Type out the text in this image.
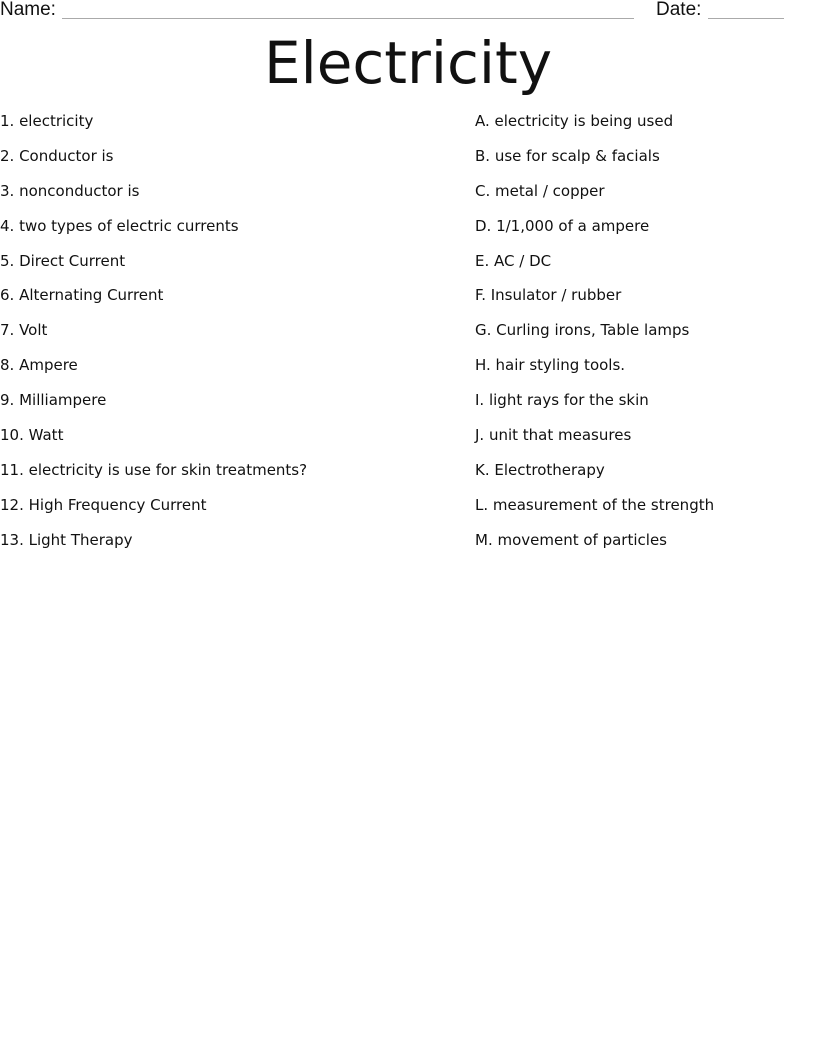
Name:	Date:
Electricity
1. electricity
2. Conductor is
3. nonconductor is
4. two types of electric currents
5. Direct Current
6. Alternating Current
7. Volt
8. Ampere
9. Milliampere
10. Watt
11. electricity is use for skin treatments?
12. High Frequency Current
13. Light Therapy
A. electricity is being used
B. use for scalp & facials
C. metal / copper
D. 1/1,000 of a ampere
E. AC / DC
F. Insulator / rubber
G. Curling irons, Table lamps
H. hair styling tools.
I. light rays for the skin
J. unit that measures
K. Electrotherapy
L. measurement of the strength
M. movement of particles
